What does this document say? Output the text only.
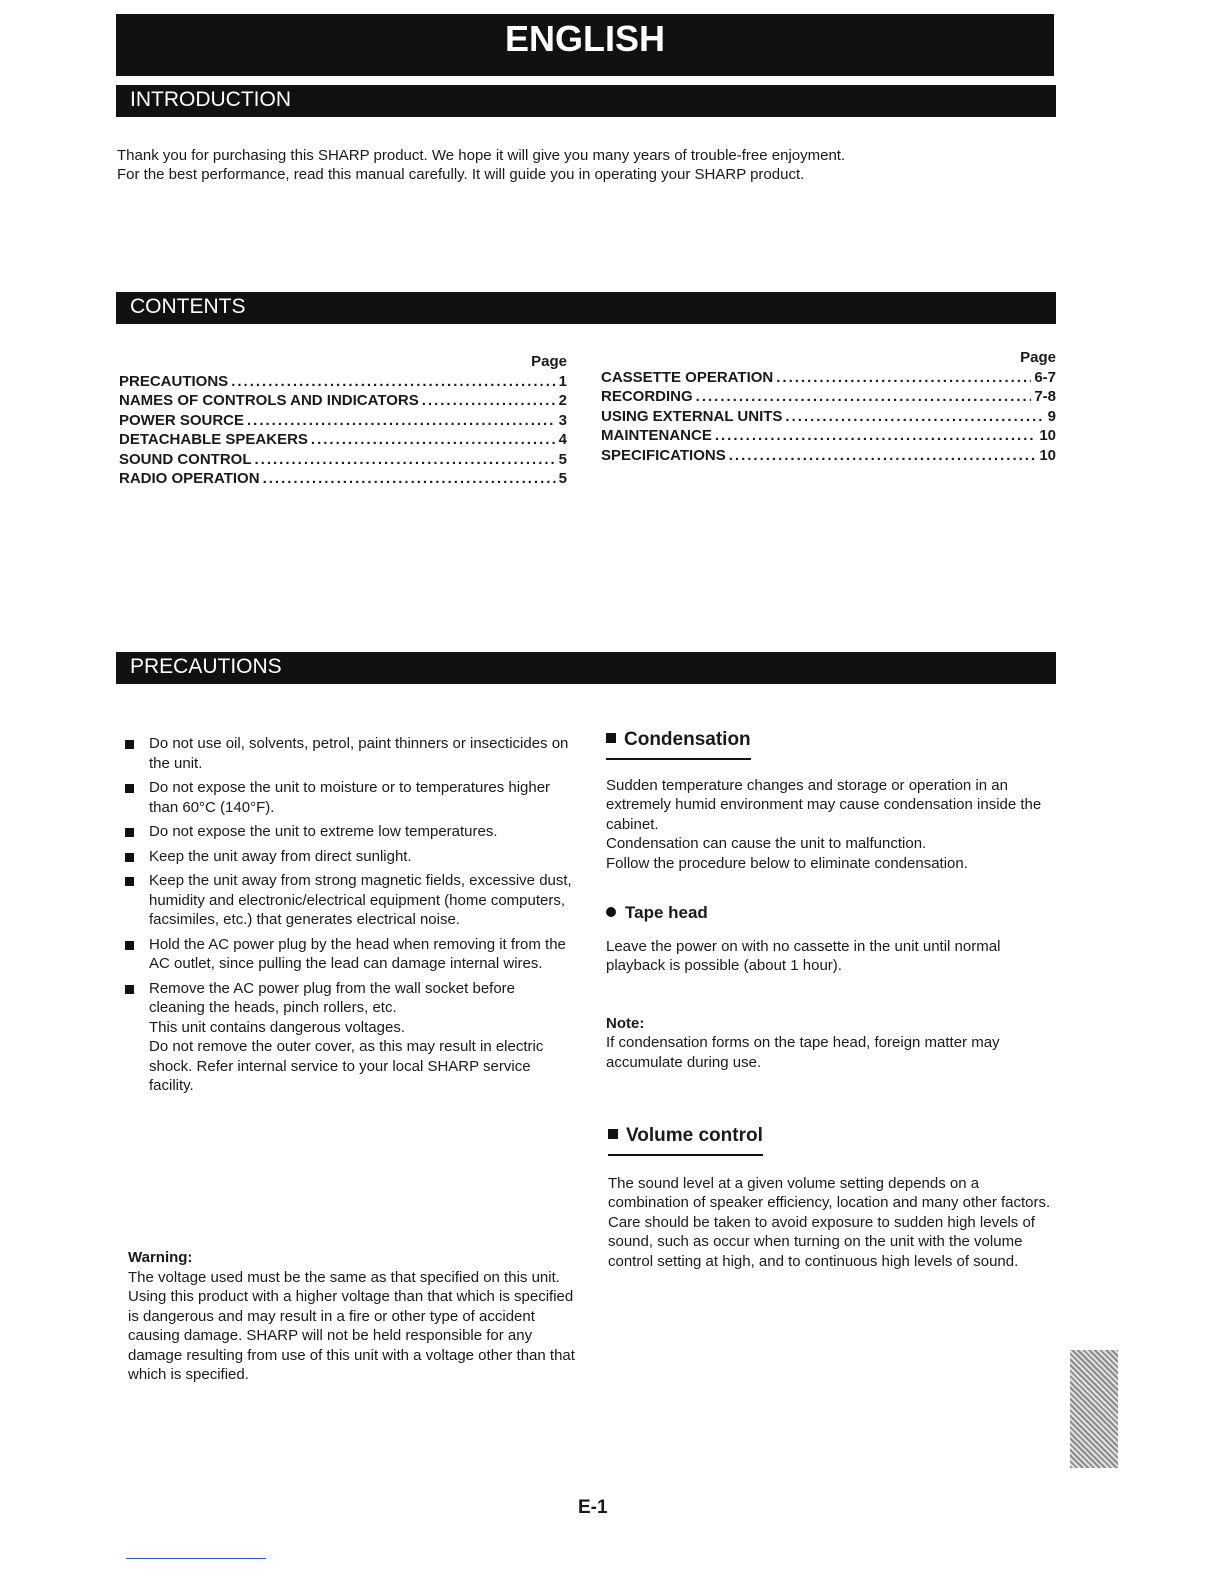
ENGLISH
INTRODUCTION

Thank you for purchasing this SHARP product. We hope it will give you many years of trouble-free enjoyment.

For the best performance, read this manual carefully. It will guide you in operating your SHARP product.

CONTENTS
Page
PRECAUTIONS .....	1
NAMES OF CONTROLS AND INDICATORS .....	2
POWER SOURCE .....	3
DETACHABLE SPEAKERS .....	4
SOUND CONTROL .....	5
RADIO OPERATION .....	5
Page
CASSETTE OPERATION .....	6-7
RECORDING .....	7-8
USING EXTERNAL UNITS .....	9
MAINTENANCE .....	10
SPECIFICATIONS .....	10
PRECAUTIONS

Do not use oil, solvents, petrol, paint thinners or insecticides on the unit.

Do not expose the unit to moisture or to temperatures higher than 60°C (140°F).

Do not expose the unit to extreme low temperatures.

Keep the unit away from direct sunlight.

Keep the unit away from strong magnetic fields, excessive dust, humidity and electronic/electrical equipment (home computers, facsimiles, etc.) that generates electrical noise.

Hold the AC power plug by the head when removing it from the AC outlet, since pulling the lead can damage internal wires.

Remove the AC power plug from the wall socket before cleaning the heads, pinch rollers, etc.

This unit contains dangerous voltages.

Do not remove the outer cover, as this may result in electric shock. Refer internal service to your local SHARP service facility.

Warning:

The voltage used must be the same as that specified on this unit. Using this product with a higher voltage than that which is specified is dangerous and may result in a fire or other type of accident causing damage. SHARP will not be held responsible for any damage resulting from use of this unit with a voltage other than that which is specified.

Condensation

Sudden temperature changes and storage or operation in an extremely humid environment may cause condensation inside the cabinet.

Condensation can cause the unit to malfunction.

Follow the procedure below to eliminate condensation.

Tape head

Leave the power on with no cassette in the unit until normal playback is possible (about 1 hour).

Note:

If condensation forms on the tape head, foreign matter may accumulate during use.

Volume control

The sound level at a given volume setting depends on a combination of speaker efficiency, location and many other factors.

Care should be taken to avoid exposure to sudden high levels of sound, such as occur when turning on the unit with the volume control setting at high, and to continuous high levels of sound.

E-1
